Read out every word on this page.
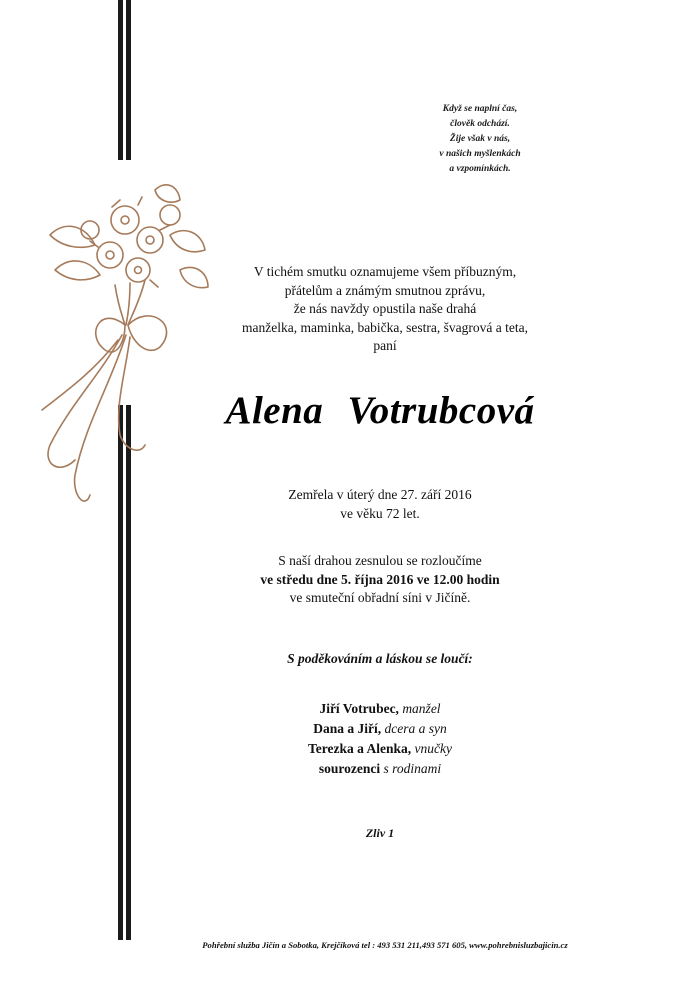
Když se naplní čas,
člověk odchází.
Žije však v nás,
v našich myšlenkách
a vzpomínkách.
V tichém smutku oznamujeme všem příbuzným,
přátelům a známým smutnou zprávu,
že nás navždy opustila naše drahá
manželka, maminka, babička, sestra, švagrová a teta,
paní
Alena Votrubcová
Zemřela v úterý dne 27. září 2016
ve věku 72 let.
S naší drahou zesnulou se rozloučíme
ve středu dne 5. října 2016 ve 12.00 hodin
ve smuteční obřadní síni v Jičíně.
S poděkováním a láskou se loučí:
Jiří Votrubec, manžel
Dana a Jiří, dcera a syn
Terezka a Alenka, vnučky
sourozenci s rodinami
Zliv 1
Pohřební služba Jičín a Sobotka, Krejčíková tel : 493 531 211,493 571 605, www.pohrebnisluzbajicin.cz
